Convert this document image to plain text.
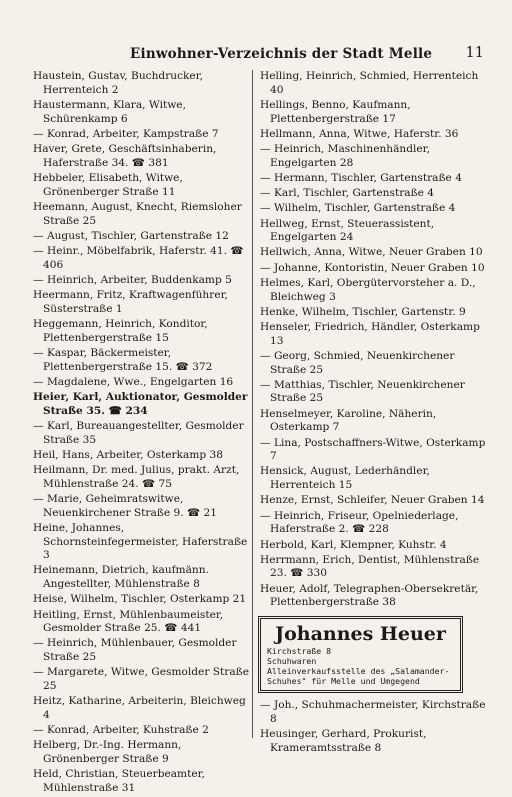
Einwohner-Verzeichnis der Stadt Melle 11
Haustein, Gustav, Buchdrucker, Herrenteich 2
Haustermann, Klara, Witwe, Schürenkamp 6
— Konrad, Arbeiter, Kampstraße 7
Haver, Grete, Geschäftsinhaberin, Haferstraße 34. ☎ 381
Hebbeler, Elisabeth, Witwe, Grönenberger Straße 11
Heemann, August, Knecht, Riemsloher Straße 25
— August, Tischler, Gartenstraße 12
— Heinr., Möbelfabrik, Haferstr. 41. ☎ 406
— Heinrich, Arbeiter, Buddenkamp 5
Heermann, Fritz, Kraftwagenführer, Süsterstraße 1
Heggemann, Heinrich, Konditor, Plettenbergerstraße 15
— Kaspar, Bäckermeister, Plettenbergerstraße 15. ☎ 372
— Magdalene, Wwe., Engelgarten 16
Heier, Karl, Auktionator, Gesmolder Straße 35. ☎ 234
— Karl, Bureauangestellter, Gesmolder Straße 35
Heil, Hans, Arbeiter, Osterkamp 38
Heilmann, Dr. med. Julius, prakt. Arzt, Mühlenstraße 24. ☎ 75
— Marie, Geheimratswitwe, Neuenkirchener Straße 9. ☎ 21
Heine, Johannes, Schornsteinfegermeister, Haferstraße 3
Heinemann, Dietrich, kaufmänn. Angestellter, Mühlenstraße 8
Heise, Wilhelm, Tischler, Osterkamp 21
Heitling, Ernst, Mühlenbaumeister, Gesmolder Straße 25. ☎ 441
— Heinrich, Mühlenbauer, Gesmolder Straße 25
— Margarete, Witwe, Gesmolder Straße 25
Heitz, Katharine, Arbeiterin, Bleichweg 4
— Konrad, Arbeiter, Kuhstraße 2
Helberg, Dr.-Ing. Hermann, Grönenberger Straße 9
Held, Christian, Steuerbeamter, Mühlenstraße 31
Helling, Heinrich, Schmied, Herrenteich 40
Hellings, Benno, Kaufmann, Plettenbergerstraße 17
Hellmann, Anna, Witwe, Haferstr. 36
— Heinrich, Maschinenhändler, Engelgarten 28
— Hermann, Tischler, Gartenstraße 4
— Karl, Tischler, Gartenstraße 4
— Wilhelm, Tischler, Gartenstraße 4
Hellweg, Ernst, Steuerassistent, Engelgarten 24
Hellwich, Anna, Witwe, Neuer Graben 10
— Johanne, Kontoristin, Neuer Graben 10
Helmes, Karl, Obergütervorsteher a. D., Bleichweg 3
Henke, Wilhelm, Tischler, Gartenstr. 9
Henseler, Friedrich, Händler, Osterkamp 13
— Georg, Schmied, Neuenkirchener Straße 25
— Matthias, Tischler, Neuenkirchener Straße 25
Henselmeyer, Karoline, Näherin, Osterkamp 7
— Lina, Postschaffners-Witwe, Osterkamp 7
Hensick, August, Lederhändler, Herrenteich 15
Henze, Ernst, Schleifer, Neuer Graben 14
— Heinrich, Friseur, Opelniederlage, Haferstraße 2. ☎ 228
Herbold, Karl, Klempner, Kuhstr. 4
Herrmann, Erich, Dentist, Mühlenstraße 23. ☎ 330
Heuer, Adolf, Telegraphen-Obersekretär, Plettenbergerstraße 38
Johannes Heuer
Kirchstraße 8
Schuhwaren
Alleinverkaufsstelle des „Salamander-
Schuhes" für Melle und Umgegend
— Joh., Schuhmachermeister, Kirchstraße 8
Heusinger, Gerhard, Prokurist, Krameramtsstraße 8
